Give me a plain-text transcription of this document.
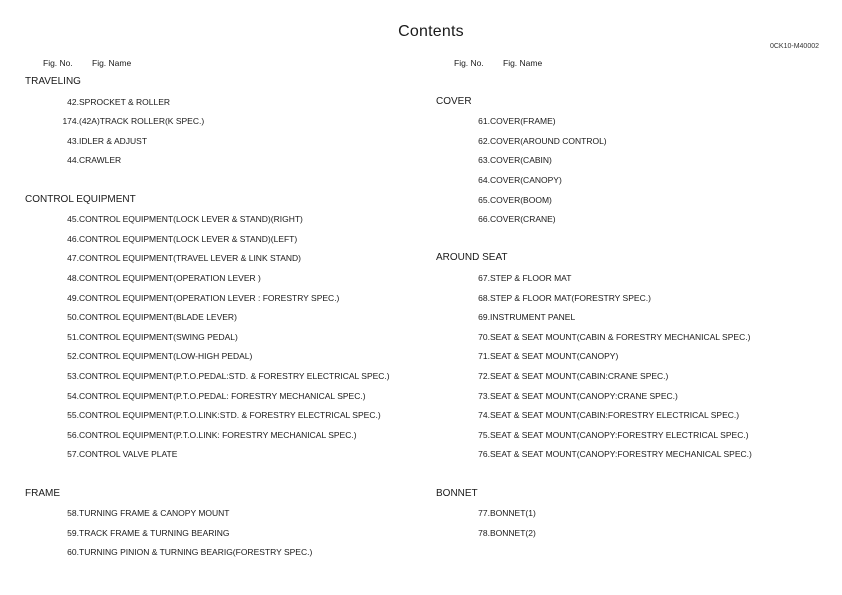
Contents
0CK10-M40002
Fig. No. Fig. Name	Fig. No. Fig. Name
TRAVELING
42. SPROCKET & ROLLER
174. (42A)TRACK ROLLER(K SPEC.)
43. IDLER & ADJUST
44. CRAWLER
CONTROL EQUIPMENT
45. CONTROL EQUIPMENT(LOCK LEVER & STAND)(RIGHT)
46. CONTROL EQUIPMENT(LOCK LEVER & STAND)(LEFT)
47. CONTROL EQUIPMENT(TRAVEL LEVER & LINK STAND)
48. CONTROL EQUIPMENT(OPERATION LEVER )
49. CONTROL EQUIPMENT(OPERATION LEVER : FORESTRY SPEC.)
50. CONTROL EQUIPMENT(BLADE LEVER)
51. CONTROL EQUIPMENT(SWING PEDAL)
52. CONTROL EQUIPMENT(LOW-HIGH PEDAL)
53. CONTROL EQUIPMENT(P.T.O.PEDAL:STD. & FORESTRY ELECTRICAL SPEC.)
54. CONTROL EQUIPMENT(P.T.O.PEDAL: FORESTRY MECHANICAL SPEC.)
55. CONTROL EQUIPMENT(P.T.O.LINK:STD. & FORESTRY ELECTRICAL SPEC.)
56. CONTROL EQUIPMENT(P.T.O.LINK: FORESTRY MECHANICAL SPEC.)
57. CONTROL VALVE PLATE
FRAME
58. TURNING FRAME & CANOPY MOUNT
59. TRACK FRAME & TURNING BEARING
60. TURNING PINION & TURNING BEARIG(FORESTRY SPEC.)
COVER
61. COVER(FRAME)
62. COVER(AROUND CONTROL)
63. COVER(CABIN)
64. COVER(CANOPY)
65. COVER(BOOM)
66. COVER(CRANE)
AROUND SEAT
67. STEP & FLOOR MAT
68. STEP & FLOOR MAT(FORESTRY SPEC.)
69. INSTRUMENT PANEL
70. SEAT & SEAT MOUNT(CABIN & FORESTRY MECHANICAL SPEC.)
71. SEAT & SEAT MOUNT(CANOPY)
72. SEAT & SEAT MOUNT(CABIN:CRANE SPEC.)
73. SEAT & SEAT MOUNT(CANOPY:CRANE SPEC.)
74. SEAT & SEAT MOUNT(CABIN:FORESTRY ELECTRICAL SPEC.)
75. SEAT & SEAT MOUNT(CANOPY:FORESTRY ELECTRICAL SPEC.)
76. SEAT & SEAT MOUNT(CANOPY:FORESTRY MECHANICAL SPEC.)
BONNET
77. BONNET(1)
78. BONNET(2)
